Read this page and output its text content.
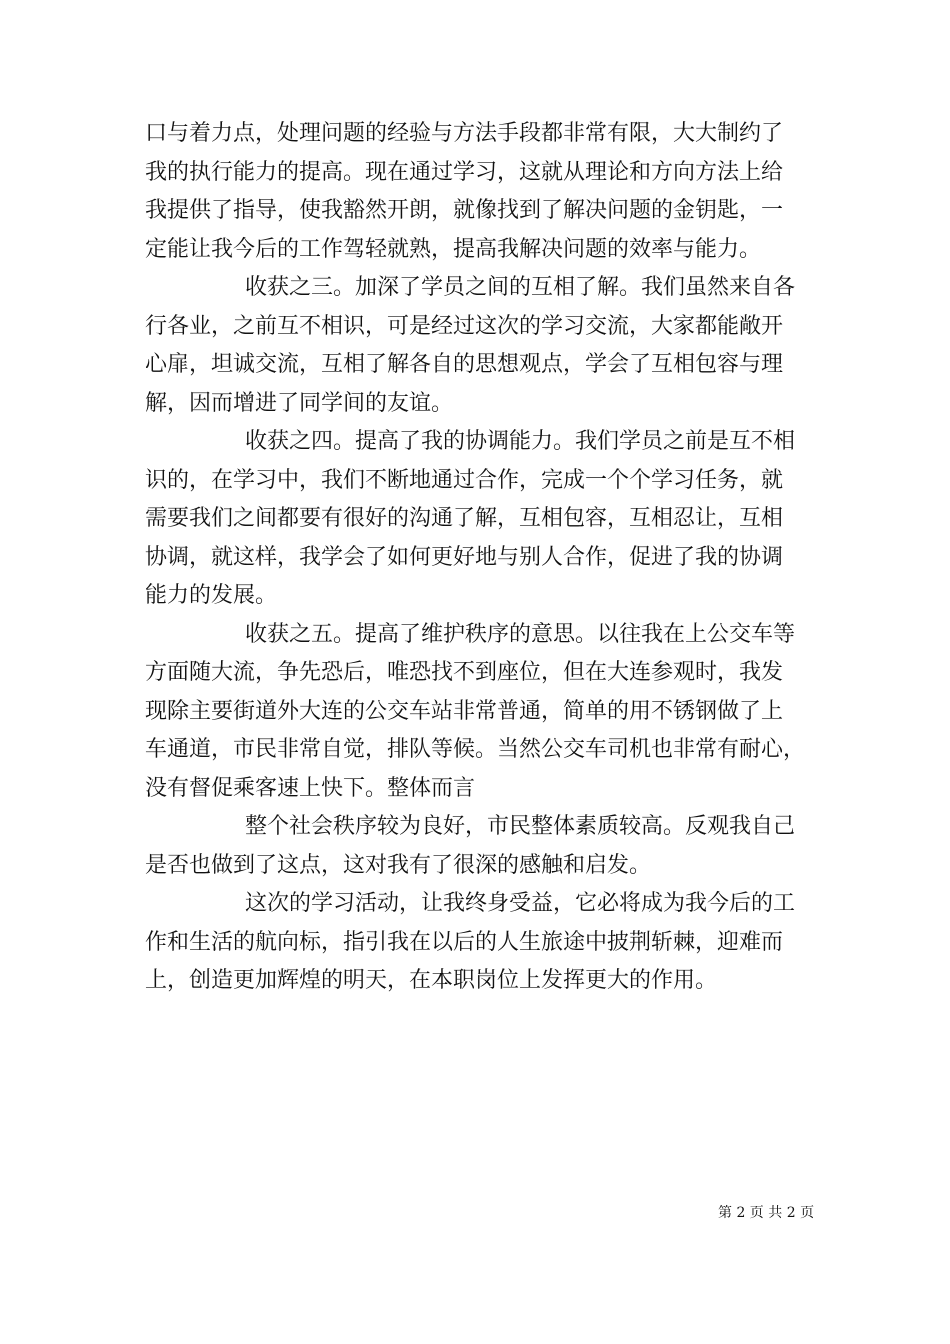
口与着力点，处理问题的经验与方法手段都非常有限，大大制约了
我的执行能力的提高。现在通过学习，这就从理论和方向方法上给
我提供了指导，使我豁然开朗，就像找到了解决问题的金钥匙，一
定能让我今后的工作驾轻就熟，提高我解决问题的效率与能力。

收获之三。加深了学员之间的互相了解。我们虽然来自各
行各业，之前互不相识，可是经过这次的学习交流，大家都能敞开
心扉，坦诚交流，互相了解各自的思想观点，学会了互相包容与理
解，因而增进了同学间的友谊。

收获之四。提高了我的协调能力。我们学员之前是互不相
识的，在学习中，我们不断地通过合作，完成一个个学习任务，就
需要我们之间都要有很好的沟通了解，互相包容，互相忍让，互相
协调，就这样，我学会了如何更好地与别人合作，促进了我的协调
能力的发展。

收获之五。提高了维护秩序的意思。以往我在上公交车等
方面随大流，争先恐后，唯恐找不到座位，但在大连参观时，我发
现除主要街道外大连的公交车站非常普通，简单的用不锈钢做了上
车通道，市民非常自觉，排队等候。当然公交车司机也非常有耐心，
没有督促乘客速上快下。整体而言

整个社会秩序较为良好，市民整体素质较高。反观我自己
是否也做到了这点，这对我有了很深的感触和启发。

这次的学习活动，让我终身受益，它必将成为我今后的工
作和生活的航向标，指引我在以后的人生旅途中披荆斩棘，迎难而
上，创造更加辉煌的明天，在本职岗位上发挥更大的作用。

第 2 页 共 2 页
